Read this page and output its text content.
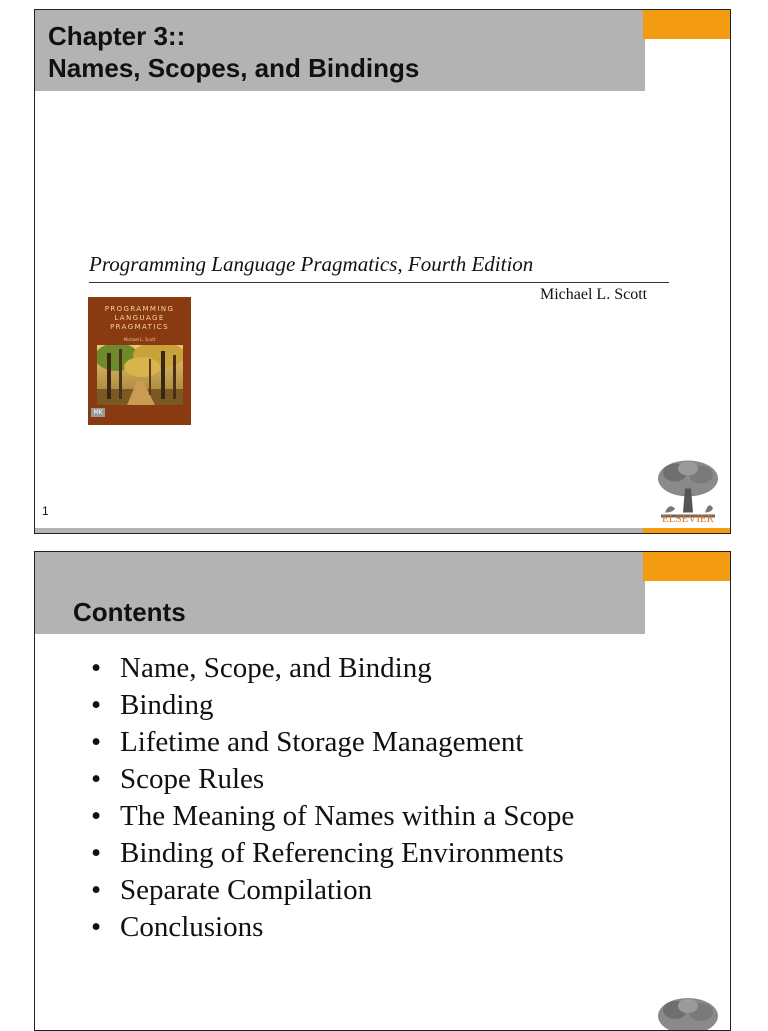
Chapter 3::
Names, Scopes, and Bindings
Programming Language Pragmatics, Fourth Edition
Michael L. Scott
PROGRAMMING
LANGUAGE
PRAGMATICS
Michael L. Scott
MK
ELSEVIER
1
Contents
• Name, Scope, and Binding
• Binding
• Lifetime and Storage Management
• Scope Rules
• The Meaning of Names within a Scope
• Binding of Referencing Environments
• Separate Compilation
• Conclusions
